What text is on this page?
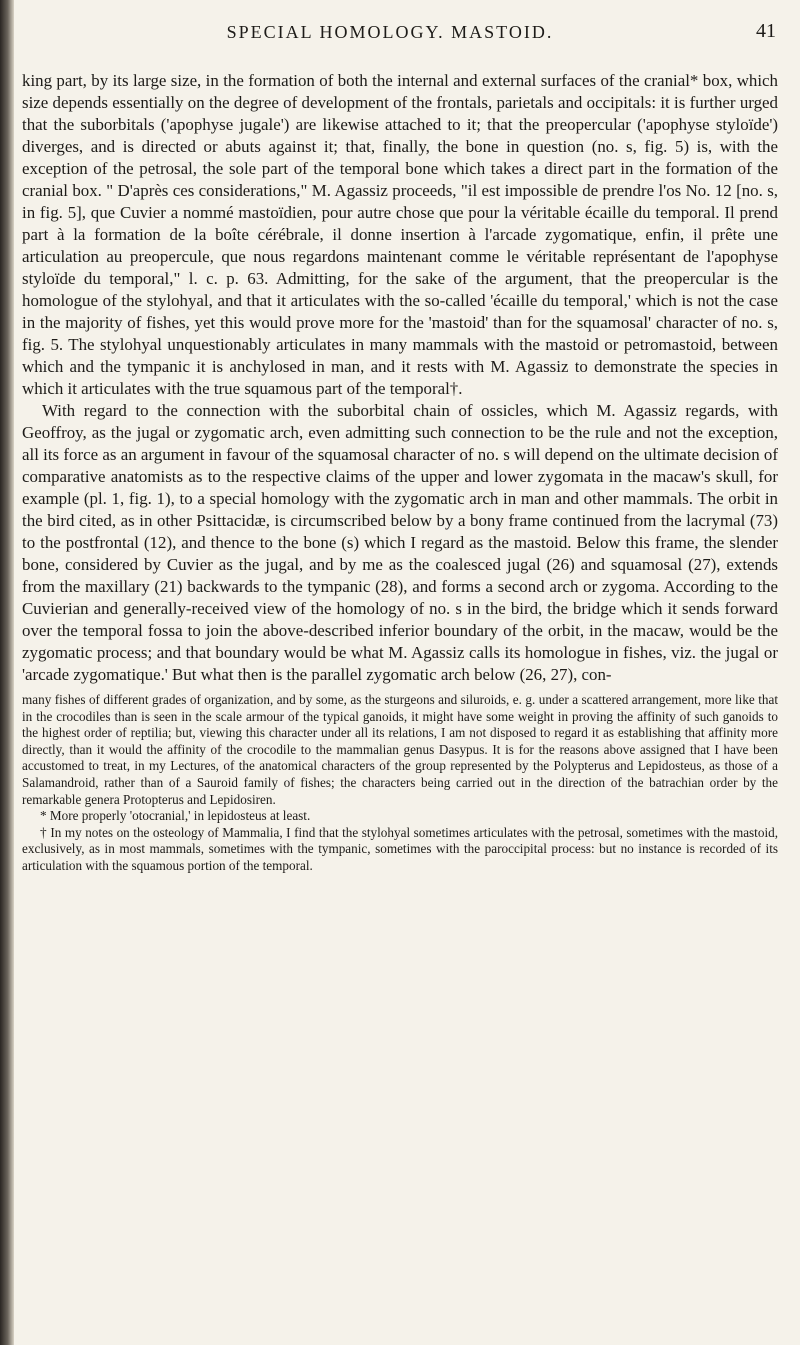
SPECIAL HOMOLOGY. MASTOID.	41

king part, by its large size, in the formation of both the internal and external surfaces of the cranial* box, which size depends essentially on the degree of development of the frontals, parietals and occipitals: it is further urged that the suborbitals ('apophyse jugale') are likewise attached to it; that the preopercular ('apophyse styloïde') diverges, and is directed or abuts against it; that, finally, the bone in question (no. s, fig. 5) is, with the exception of the petrosal, the sole part of the temporal bone which takes a direct part in the formation of the cranial box. " D'après ces considerations," M. Agassiz proceeds, "il est impossible de prendre l'os No. 12 [no. s, in fig. 5], que Cuvier a nommé mastoïdien, pour autre chose que pour la véritable écaille du temporal. Il prend part à la formation de la boîte cérébrale, il donne insertion à l'arcade zygomatique, enfin, il prête une articulation au preopercule, que nous regardons maintenant comme le véritable représentant de l'apophyse styloïde du temporal," l. c. p. 63. Admitting, for the sake of the argument, that the preopercular is the homologue of the stylohyal, and that it articulates with the so-called 'écaille du temporal,' which is not the case in the majority of fishes, yet this would prove more for the 'mastoid' than for the squamosal' character of no. s, fig. 5. The stylohyal unquestionably articulates in many mammals with the mastoid or petromastoid, between which and the tympanic it is anchylosed in man, and it rests with M. Agassiz to demonstrate the species in which it articulates with the true squamous part of the temporal†.

With regard to the connection with the suborbital chain of ossicles, which M. Agassiz regards, with Geoffroy, as the jugal or zygomatic arch, even admitting such connection to be the rule and not the exception, all its force as an argument in favour of the squamosal character of no. s will depend on the ultimate decision of comparative anatomists as to the respective claims of the upper and lower zygomata in the macaw's skull, for example (pl. 1, fig. 1), to a special homology with the zygomatic arch in man and other mammals. The orbit in the bird cited, as in other Psittacidæ, is circumscribed below by a bony frame continued from the lacrymal (73) to the postfrontal (12), and thence to the bone (s) which I regard as the mastoid. Below this frame, the slender bone, considered by Cuvier as the jugal, and by me as the coalesced jugal (26) and squamosal (27), extends from the maxillary (21) backwards to the tympanic (28), and forms a second arch or zygoma. According to the Cuvierian and generally-received view of the homology of no. s in the bird, the bridge which it sends forward over the temporal fossa to join the above-described inferior boundary of the orbit, in the macaw, would be the zygomatic process; and that boundary would be what M. Agassiz calls its homologue in fishes, viz. the jugal or 'arcade zygomatique.' But what then is the parallel zygomatic arch below (26, 27), con-

many fishes of different grades of organization, and by some, as the sturgeons and siluroids, e. g. under a scattered arrangement, more like that in the crocodiles than is seen in the scale armour of the typical ganoids, it might have some weight in proving the affinity of such ganoids to the highest order of reptilia; but, viewing this character under all its relations, I am not disposed to regard it as establishing that affinity more directly, than it would the affinity of the crocodile to the mammalian genus Dasypus. It is for the reasons above assigned that I have been accustomed to treat, in my Lectures, of the anatomical characters of the group represented by the Polypterus and Lepidosteus, as those of a Salamandroid, rather than of a Sauroid family of fishes; the characters being carried out in the direction of the batrachian order by the remarkable genera Protopterus and Lepidosiren.

* More properly 'otocranial,' in lepidosteus at least.

† In my notes on the osteology of Mammalia, I find that the stylohyal sometimes articulates with the petrosal, sometimes with the mastoid, exclusively, as in most mammals, sometimes with the tympanic, sometimes with the paroccipital process: but no instance is recorded of its articulation with the squamous portion of the temporal.
